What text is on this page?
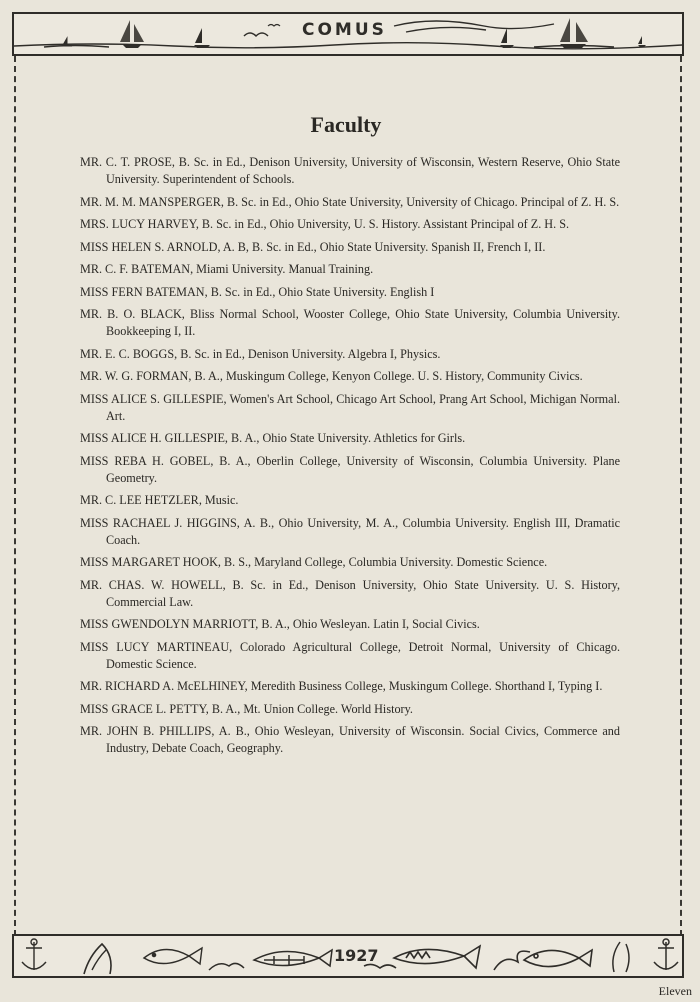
COMUS
1927
Faculty
MR. C. T. PROSE, B. Sc. in Ed., Denison University, University of Wisconsin, Western Reserve, Ohio State University. Superintendent of Schools.
MR. M. M. MANSPERGER, B. Sc. in Ed., Ohio State University, University of Chicago. Principal of Z. H. S.
MRS. LUCY HARVEY, B. Sc. in Ed., Ohio University, U. S. History. Assistant Principal of Z. H. S.
MISS HELEN S. ARNOLD, A. B, B. Sc. in Ed., Ohio State University. Spanish II, French I, II.
MR. C. F. BATEMAN, Miami University. Manual Training.
MISS FERN BATEMAN, B. Sc. in Ed., Ohio State University. English I
MR. B. O. BLACK, Bliss Normal School, Wooster College, Ohio State University, Columbia University. Bookkeeping I, II.
MR. E. C. BOGGS, B. Sc. in Ed., Denison University. Algebra I, Physics.
MR. W. G. FORMAN, B. A., Muskingum College, Kenyon College. U. S. History, Community Civics.
MISS ALICE S. GILLESPIE, Women's Art School, Chicago Art School, Prang Art School, Michigan Normal. Art.
MISS ALICE H. GILLESPIE, B. A., Ohio State University. Athletics for Girls.
MISS REBA H. GOBEL, B. A., Oberlin College, University of Wisconsin, Columbia University. Plane Geometry.
MR. C. LEE HETZLER, Music.
MISS RACHAEL J. HIGGINS, A. B., Ohio University, M. A., Columbia University. English III, Dramatic Coach.
MISS MARGARET HOOK, B. S., Maryland College, Columbia University. Domestic Science.
MR. CHAS. W. HOWELL, B. Sc. in Ed., Denison University, Ohio State University. U. S. History, Commercial Law.
MISS GWENDOLYN MARRIOTT, B. A., Ohio Wesleyan. Latin I, Social Civics.
MISS LUCY MARTINEAU, Colorado Agricultural College, Detroit Normal, University of Chicago. Domestic Science.
MR. RICHARD A. McELHINEY, Meredith Business College, Muskingum College. Shorthand I, Typing I.
MISS GRACE L. PETTY, B. A., Mt. Union College. World History.
MR. JOHN B. PHILLIPS, A. B., Ohio Wesleyan, University of Wisconsin. Social Civics, Commerce and Industry, Debate Coach, Geography.
Eleven
